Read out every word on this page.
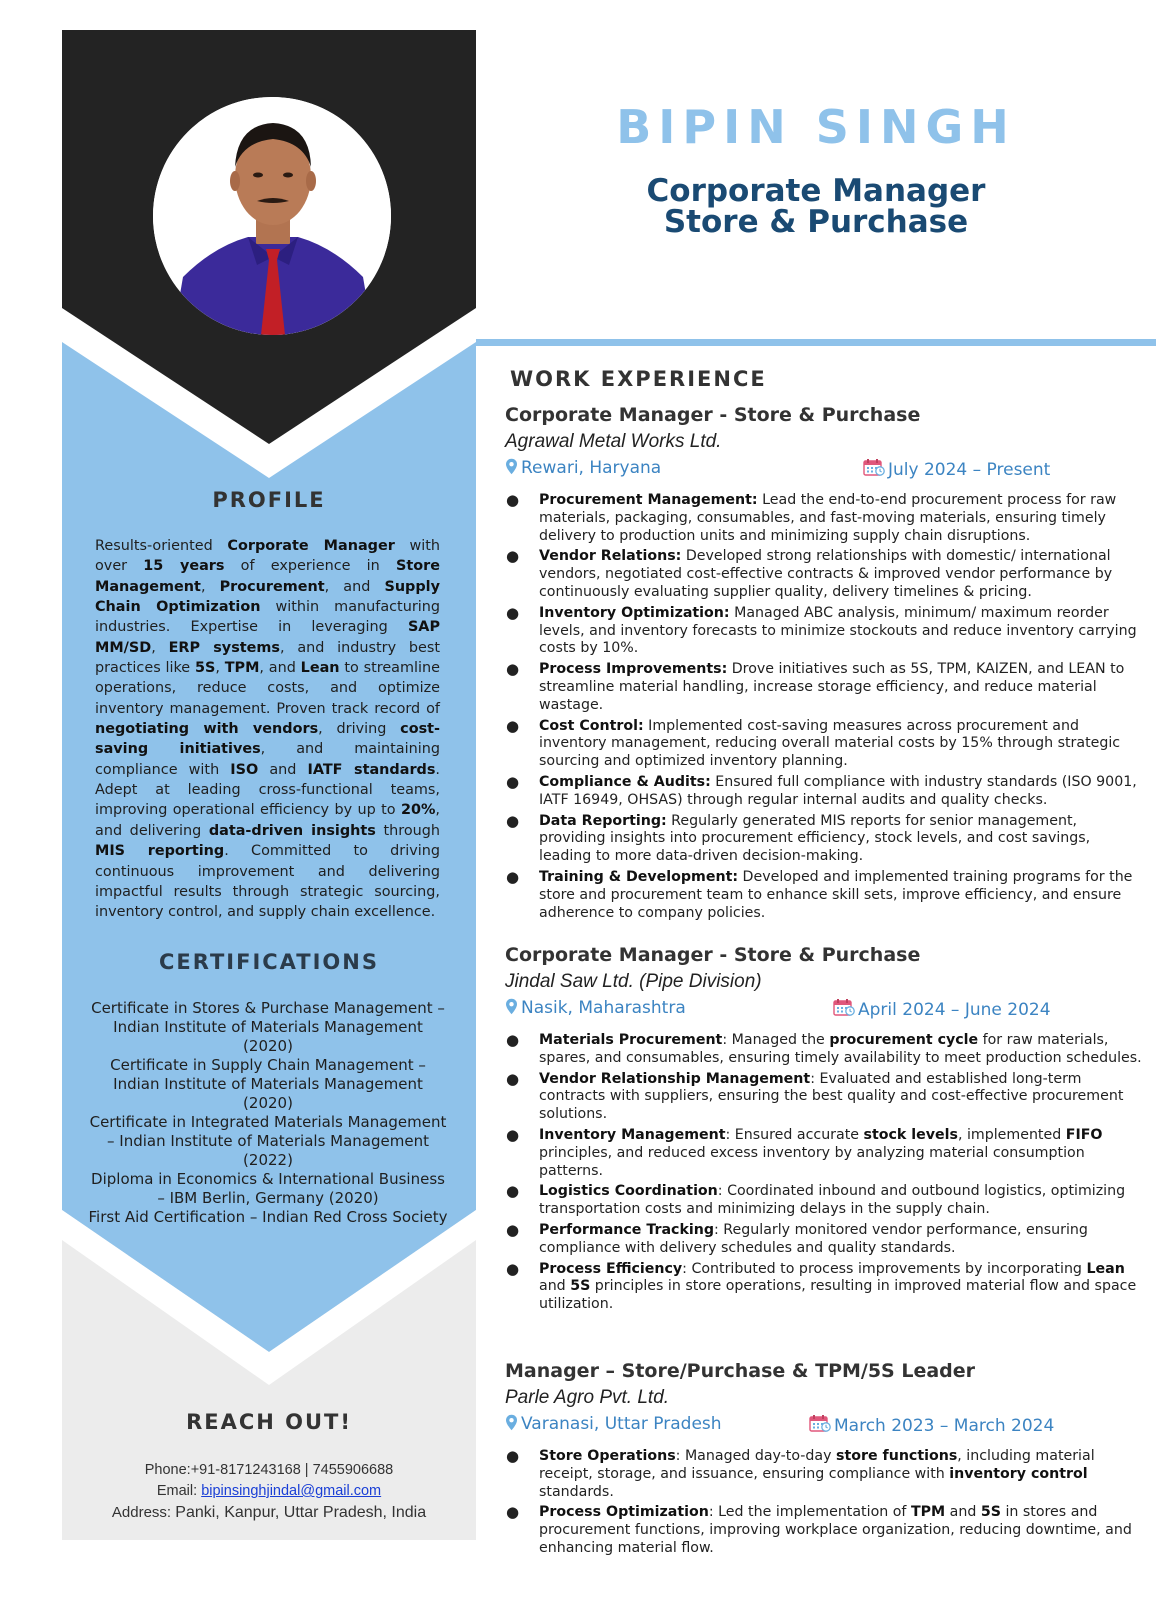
PROFILE
Results-oriented Corporate Manager with over 15 years of experience in Store Management, Procurement, and Supply Chain Optimization within manufacturing industries. Expertise in leveraging SAP MM/SD, ERP systems, and industry best practices like 5S, TPM, and Lean to streamline operations, reduce costs, and optimize inventory management. Proven track record of negotiating with vendors, driving cost-saving initiatives, and maintaining compliance with ISO and IATF standards. Adept at leading cross-functional teams, improving operational efficiency by up to 20%, and delivering data-driven insights through MIS reporting. Committed to driving continuous improvement and delivering impactful results through strategic sourcing, inventory control, and supply chain excellence.
CERTIFICATIONS
Certificate in Stores & Purchase Management – Indian Institute of Materials Management (2020)
Certificate in Supply Chain Management – Indian Institute of Materials Management (2020)
Certificate in Integrated Materials Management – Indian Institute of Materials Management (2022)
Diploma in Economics & International Business – IBM Berlin, Germany (2020)
First Aid Certification – Indian Red Cross Society
REACH OUT!
Phone:+91-8171243168 | 7455906688
Email: bipinsinghjindal@gmail.com
Address: Panki, Kanpur, Uttar Pradesh, India
BIPIN SINGH
Corporate Manager
Store & Purchase
WORK EXPERIENCE
Corporate Manager - Store & Purchase
Agrawal Metal Works Ltd.
Rewari, Haryana	July 2024 – Present
● Procurement Management: Lead the end-to-end procurement process for raw materials, packaging, consumables, and fast-moving materials, ensuring timely delivery to production units and minimizing supply chain disruptions.
● Vendor Relations: Developed strong relationships with domestic/ international vendors, negotiated cost-effective contracts & improved vendor performance by continuously evaluating supplier quality, delivery timelines & pricing.
● Inventory Optimization: Managed ABC analysis, minimum/ maximum reorder levels, and inventory forecasts to minimize stockouts and reduce inventory carrying costs by 10%.
● Process Improvements: Drove initiatives such as 5S, TPM, KAIZEN, and LEAN to streamline material handling, increase storage efficiency, and reduce material wastage.
● Cost Control: Implemented cost-saving measures across procurement and inventory management, reducing overall material costs by 15% through strategic sourcing and optimized inventory planning.
● Compliance & Audits: Ensured full compliance with industry standards (ISO 9001, IATF 16949, OHSAS) through regular internal audits and quality checks.
● Data Reporting: Regularly generated MIS reports for senior management, providing insights into procurement efficiency, stock levels, and cost savings, leading to more data-driven decision-making.
● Training & Development: Developed and implemented training programs for the store and procurement team to enhance skill sets, improve efficiency, and ensure adherence to company policies.
Corporate Manager - Store & Purchase
Jindal Saw Ltd. (Pipe Division)
Nasik, Maharashtra	April 2024 – June 2024
● Materials Procurement: Managed the procurement cycle for raw materials, spares, and consumables, ensuring timely availability to meet production schedules.
● Vendor Relationship Management: Evaluated and established long-term contracts with suppliers, ensuring the best quality and cost-effective procurement solutions.
● Inventory Management: Ensured accurate stock levels, implemented FIFO principles, and reduced excess inventory by analyzing material consumption patterns.
● Logistics Coordination: Coordinated inbound and outbound logistics, optimizing transportation costs and minimizing delays in the supply chain.
● Performance Tracking: Regularly monitored vendor performance, ensuring compliance with delivery schedules and quality standards.
● Process Efficiency: Contributed to process improvements by incorporating Lean and 5S principles in store operations, resulting in improved material flow and space utilization.
Manager – Store/Purchase & TPM/5S Leader
Parle Agro Pvt. Ltd.
Varanasi, Uttar Pradesh	March 2023 – March 2024
● Store Operations: Managed day-to-day store functions, including material receipt, storage, and issuance, ensuring compliance with inventory control standards.
● Process Optimization: Led the implementation of TPM and 5S in stores and procurement functions, improving workplace organization, reducing downtime, and enhancing material flow.
